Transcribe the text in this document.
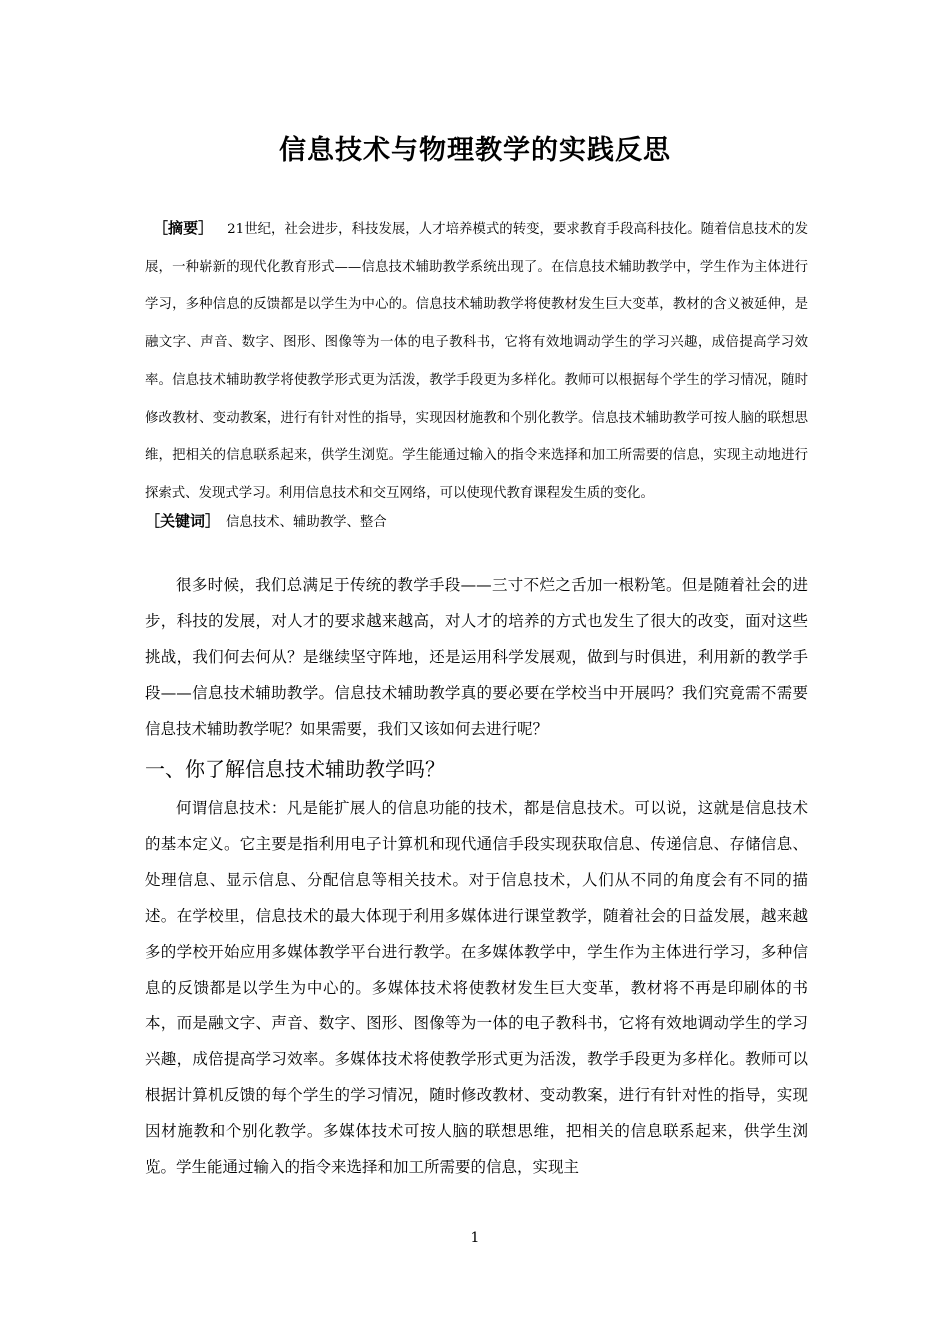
信息技术与物理教学的实践反思
［摘要］ 21世纪，社会进步，科技发展，人才培养模式的转变，要求教育手段高科技化。随着信息技术的发展，一种崭新的现代化教育形式——信息技术辅助教学系统出现了。在信息技术辅助教学中，学生作为主体进行学习，多种信息的反馈都是以学生为中心的。信息技术辅助教学将使教材发生巨大变革，教材的含义被延伸，是融文字、声音、数字、图形、图像等为一体的电子教科书，它将有效地调动学生的学习兴趣，成倍提高学习效率。信息技术辅助教学将使教学形式更为活泼，教学手段更为多样化。教师可以根据每个学生的学习情况，随时修改教材、变动教案，进行有针对性的指导，实现因材施教和个别化教学。信息技术辅助教学可按人脑的联想思维，把相关的信息联系起来，供学生浏览。学生能通过输入的指令来选择和加工所需要的信息，实现主动地进行探索式、发现式学习。利用信息技术和交互网络，可以使现代教育课程发生质的变化。
［关键词］ 信息技术、辅助教学、整合
很多时候，我们总满足于传统的教学手段——三寸不烂之舌加一根粉笔。但是随着社会的进步，科技的发展，对人才的要求越来越高，对人才的培养的方式也发生了很大的改变，面对这些挑战，我们何去何从？是继续坚守阵地，还是运用科学发展观，做到与时俱进，利用新的教学手段——信息技术辅助教学。信息技术辅助教学真的要必要在学校当中开展吗？我们究竟需不需要信息技术辅助教学呢？如果需要，我们又该如何去进行呢？
一、你了解信息技术辅助教学吗？
何谓信息技术：凡是能扩展人的信息功能的技术，都是信息技术。可以说，这就是信息技术的基本定义。它主要是指利用电子计算机和现代通信手段实现获取信息、传递信息、存储信息、处理信息、显示信息、分配信息等相关技术。对于信息技术，人们从不同的角度会有不同的描述。在学校里，信息技术的最大体现于利用多媒体进行课堂教学，随着社会的日益发展，越来越多的学校开始应用多媒体教学平台进行教学。在多媒体教学中，学生作为主体进行学习，多种信息的反馈都是以学生为中心的。多媒体技术将使教材发生巨大变革，教材将不再是印刷体的书本，而是融文字、声音、数字、图形、图像等为一体的电子教科书，它将有效地调动学生的学习兴趣，成倍提高学习效率。多媒体技术将使教学形式更为活泼，教学手段更为多样化。教师可以根据计算机反馈的每个学生的学习情况，随时修改教材、变动教案，进行有针对性的指导，实现因材施教和个别化教学。多媒体技术可按人脑的联想思维，把相关的信息联系起来，供学生浏览。学生能通过输入的指令来选择和加工所需要的信息，实现主
1
